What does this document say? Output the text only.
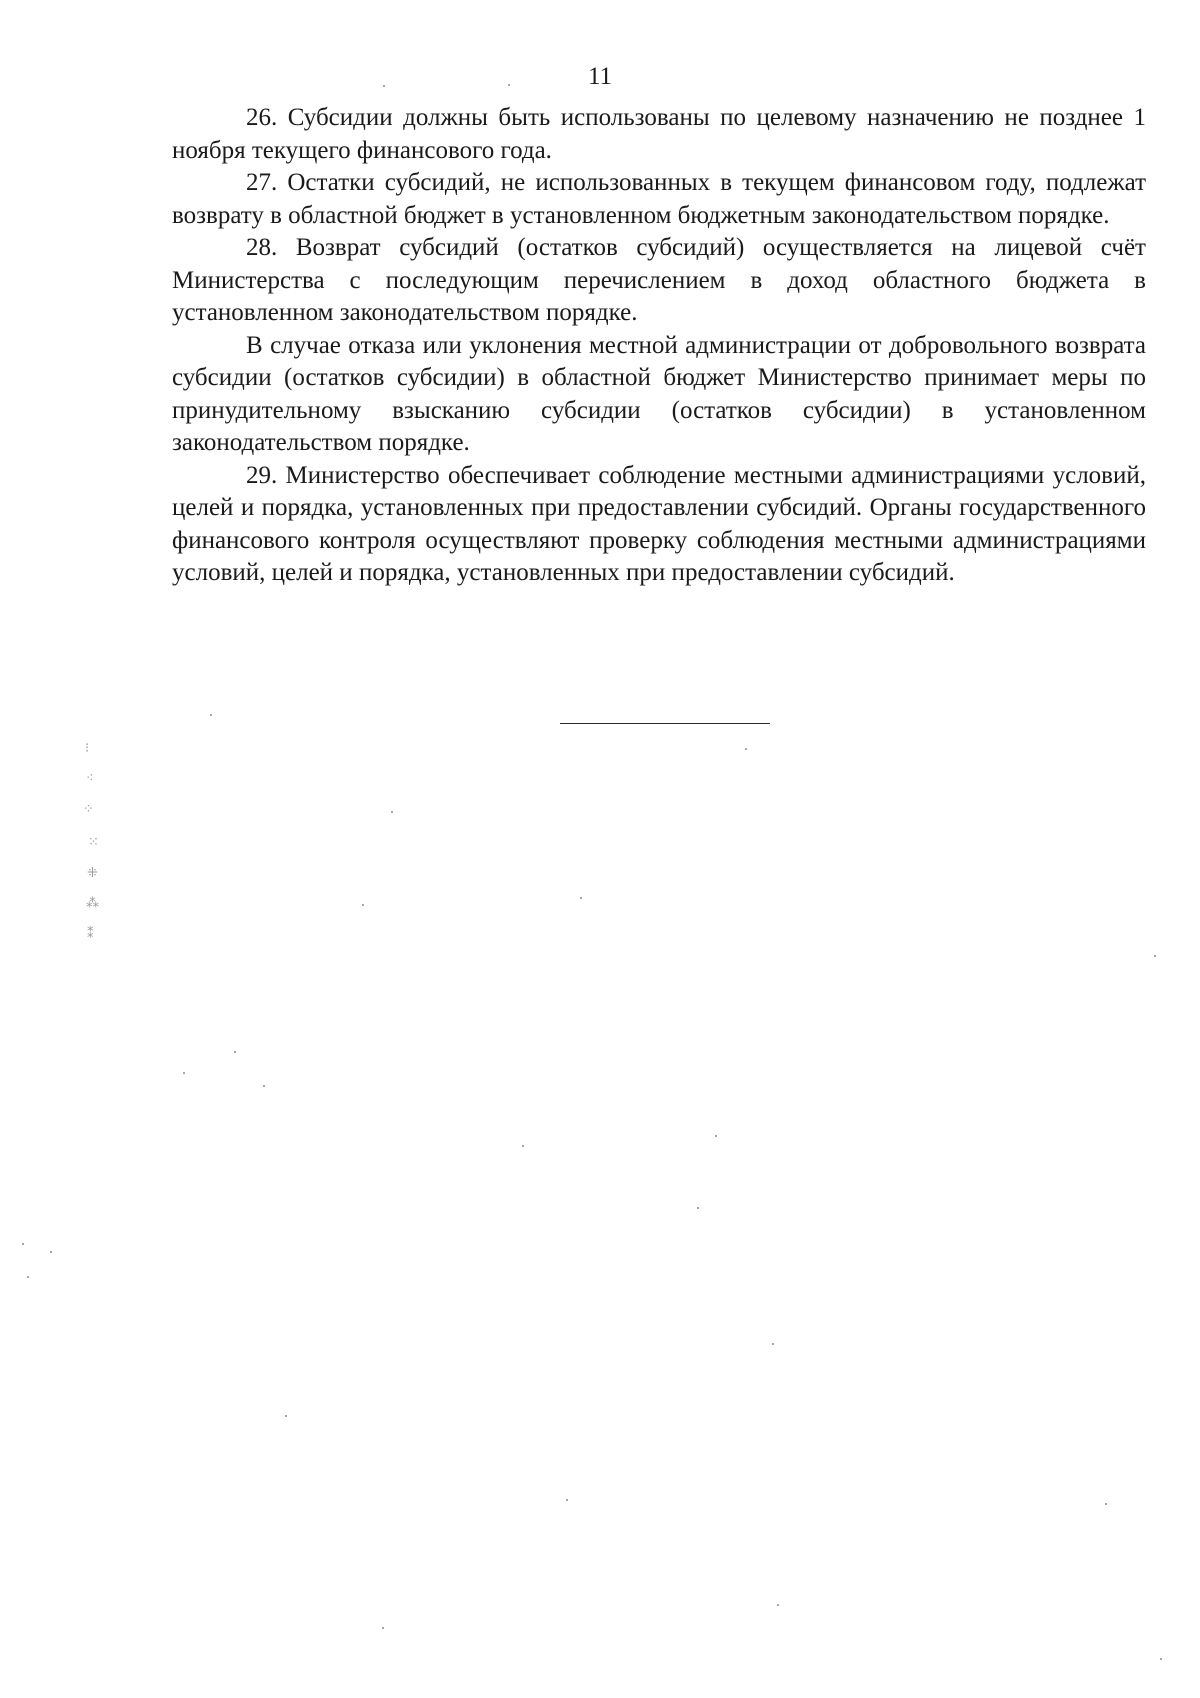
11

26. Субсидии должны быть использованы по целевому назначению не позднее 1 ноября текущего финансового года.

27. Остатки субсидий, не использованных в текущем финансовом году, подлежат возврату в областной бюджет в установленном бюджетным законодательством порядке.

28. Возврат субсидий (остатков субсидий) осуществляется на лицевой счёт Министерства с последующим перечислением в доход областного бюджета в установленном законодательством порядке.

В случае отказа или уклонения местной администрации от добровольного возврата субсидии (остатков субсидии) в областной бюджет Министерство принимает меры по принудительному взысканию субсидии (остатков субсидии) в установленном законодательством порядке.

29. Министерство обеспечивает соблюдение местными администрациями условий, целей и порядка, установленных при предоставлении субсидий. Органы государственного финансового контроля осуществляют проверку соблюдения местными администрациями условий, целей и порядка, установленных при предоставлении субсидий.

⁝
⁖
⁘
⁙
⁜
⁂
⁑
